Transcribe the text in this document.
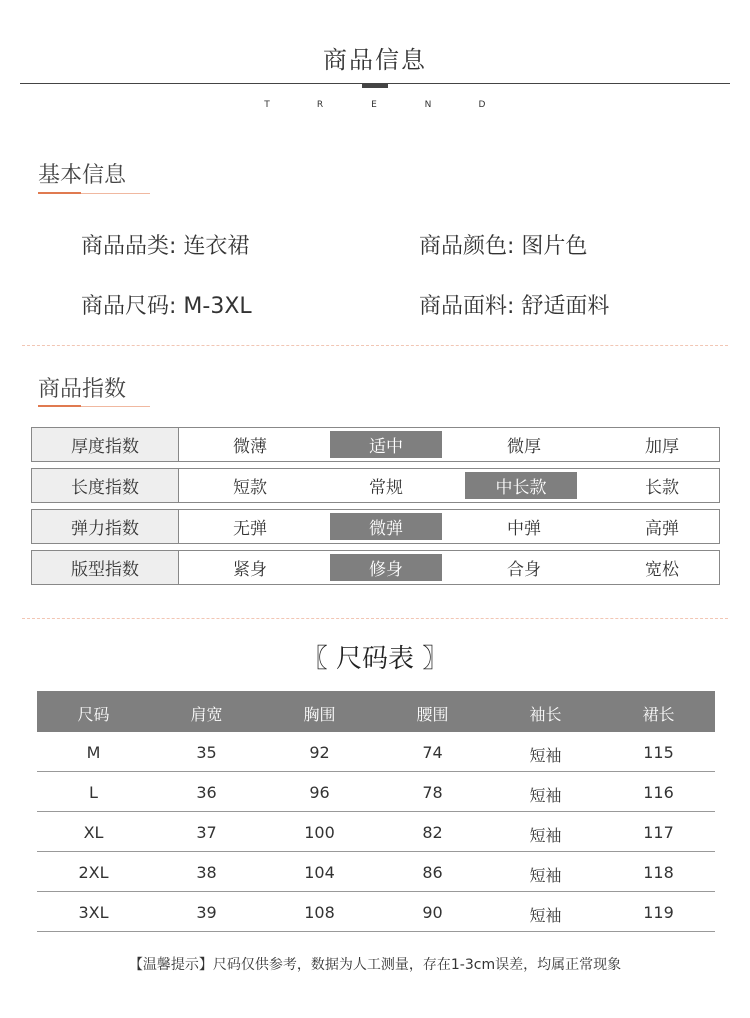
商品信息
T	R	E	N	D
基本信息
商品品类: 连衣裙	商品颜色: 图片色
商品尺码: M-3XL	商品面料: 舒适面料
商品指数
厚度指数	微薄	适中	微厚	加厚
长度指数	短款	常规	中长款	长款
弹力指数	无弹	微弹	中弹	高弹
版型指数	紧身	修身	合身	宽松
〖 尺码表 〗
尺码	肩宽	胸围	腰围	袖长	裙长
M	35	92	74	短袖	115
L	36	96	78	短袖	116
XL	37	100	82	短袖	117
2XL	38	104	86	短袖	118
3XL	39	108	90	短袖	119
【温馨提示】尺码仅供参考，数据为人工测量，存在1-3cm误差，均属正常现象
